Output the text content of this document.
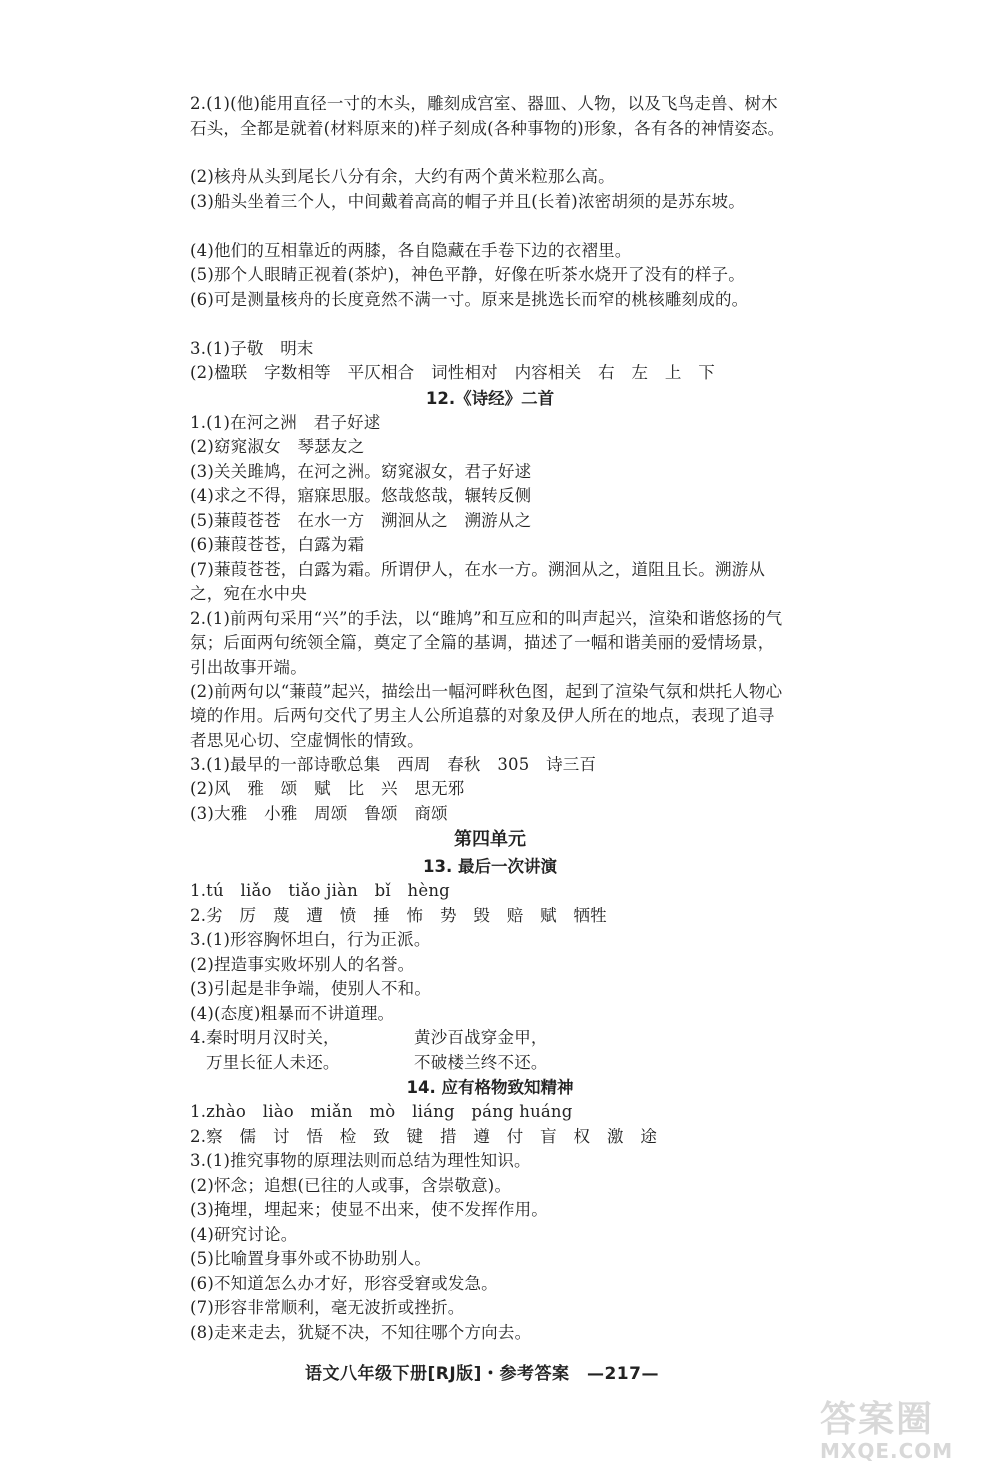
2.(1)(他)能用直径一寸的木头，雕刻成宫室、器皿、人物，以及飞鸟走兽、树木石头，全都是就着(材料原来的)样子刻成(各种事物的)形象，各有各的神情姿态。
(2)核舟从头到尾长八分有余，大约有两个黄米粒那么高。
(3)船头坐着三个人，中间戴着高高的帽子并且(长着)浓密胡须的是苏东坡。
(4)他们的互相靠近的两膝，各自隐藏在手卷下边的衣褶里。
(5)那个人眼睛正视着(茶炉)，神色平静，好像在听茶水烧开了没有的样子。
(6)可是测量核舟的长度竟然不满一寸。原来是挑选长而窄的桃核雕刻成的。
3.(1)子敬　明末
(2)楹联　字数相等　平仄相合　词性相对　内容相关　右　左　上　下
12.《诗经》二首
1.(1)在河之洲　君子好逑
(2)窈窕淑女　琴瑟友之
(3)关关雎鸠，在河之洲。窈窕淑女，君子好逑
(4)求之不得，寤寐思服。悠哉悠哉，辗转反侧
(5)蒹葭苍苍　在水一方　溯洄从之　溯游从之
(6)蒹葭苍苍，白露为霜
(7)蒹葭苍苍，白露为霜。所谓伊人，在水一方。溯洄从之，道阻且长。溯游从之，宛在水中央
2.(1)前两句采用“兴”的手法，以“雎鸠”和互应和的叫声起兴，渲染和谐悠扬的气氛；后面两句统领全篇，奠定了全篇的基调，描述了一幅和谐美丽的爱情场景，引出故事开端。
(2)前两句以“蒹葭”起兴，描绘出一幅河畔秋色图，起到了渲染气氛和烘托人物心境的作用。后两句交代了男主人公所追慕的对象及伊人所在的地点，表现了追寻者思见心切、空虚惆怅的情致。
3.(1)最早的一部诗歌总集　西周　春秋　305　诗三百
(2)风　雅　颂　赋　比　兴　思无邪
(3)大雅　小雅　周颂　鲁颂　商颂
第四单元
13. 最后一次讲演
1.tú　liǎo　tiǎo jiàn　bǐ　hèng
2.劣　厉　蔑　遭　愤　捶　怖　势　毁　赔　赋　牺牲
3.(1)形容胸怀坦白，行为正派。
(2)捏造事实败坏别人的名誉。
(3)引起是非争端，使别人不和。
(4)(态度)粗暴而不讲道理。
4.秦时明月汉时关，	黄沙百战穿金甲，
万里长征人未还。	不破楼兰终不还。
14. 应有格物致知精神
1.zhào　liào　miǎn　mò　liáng　páng huáng
2.察　儒　讨　悟　检　致　键　措　遵　付　盲　权　激　途
3.(1)推究事物的原理法则而总结为理性知识。
(2)怀念；追想(已往的人或事，含崇敬意)。
(3)掩埋，埋起来；使显不出来，使不发挥作用。
(4)研究讨论。
(5)比喻置身事外或不协助别人。
(6)不知道怎么办才好，形容受窘或发急。
(7)形容非常顺利，毫无波折或挫折。
(8)走来走去，犹疑不决，不知往哪个方向去。
语文八年级下册[RJ版]・参考答案　—217—
答案圈
MXQE.COM
